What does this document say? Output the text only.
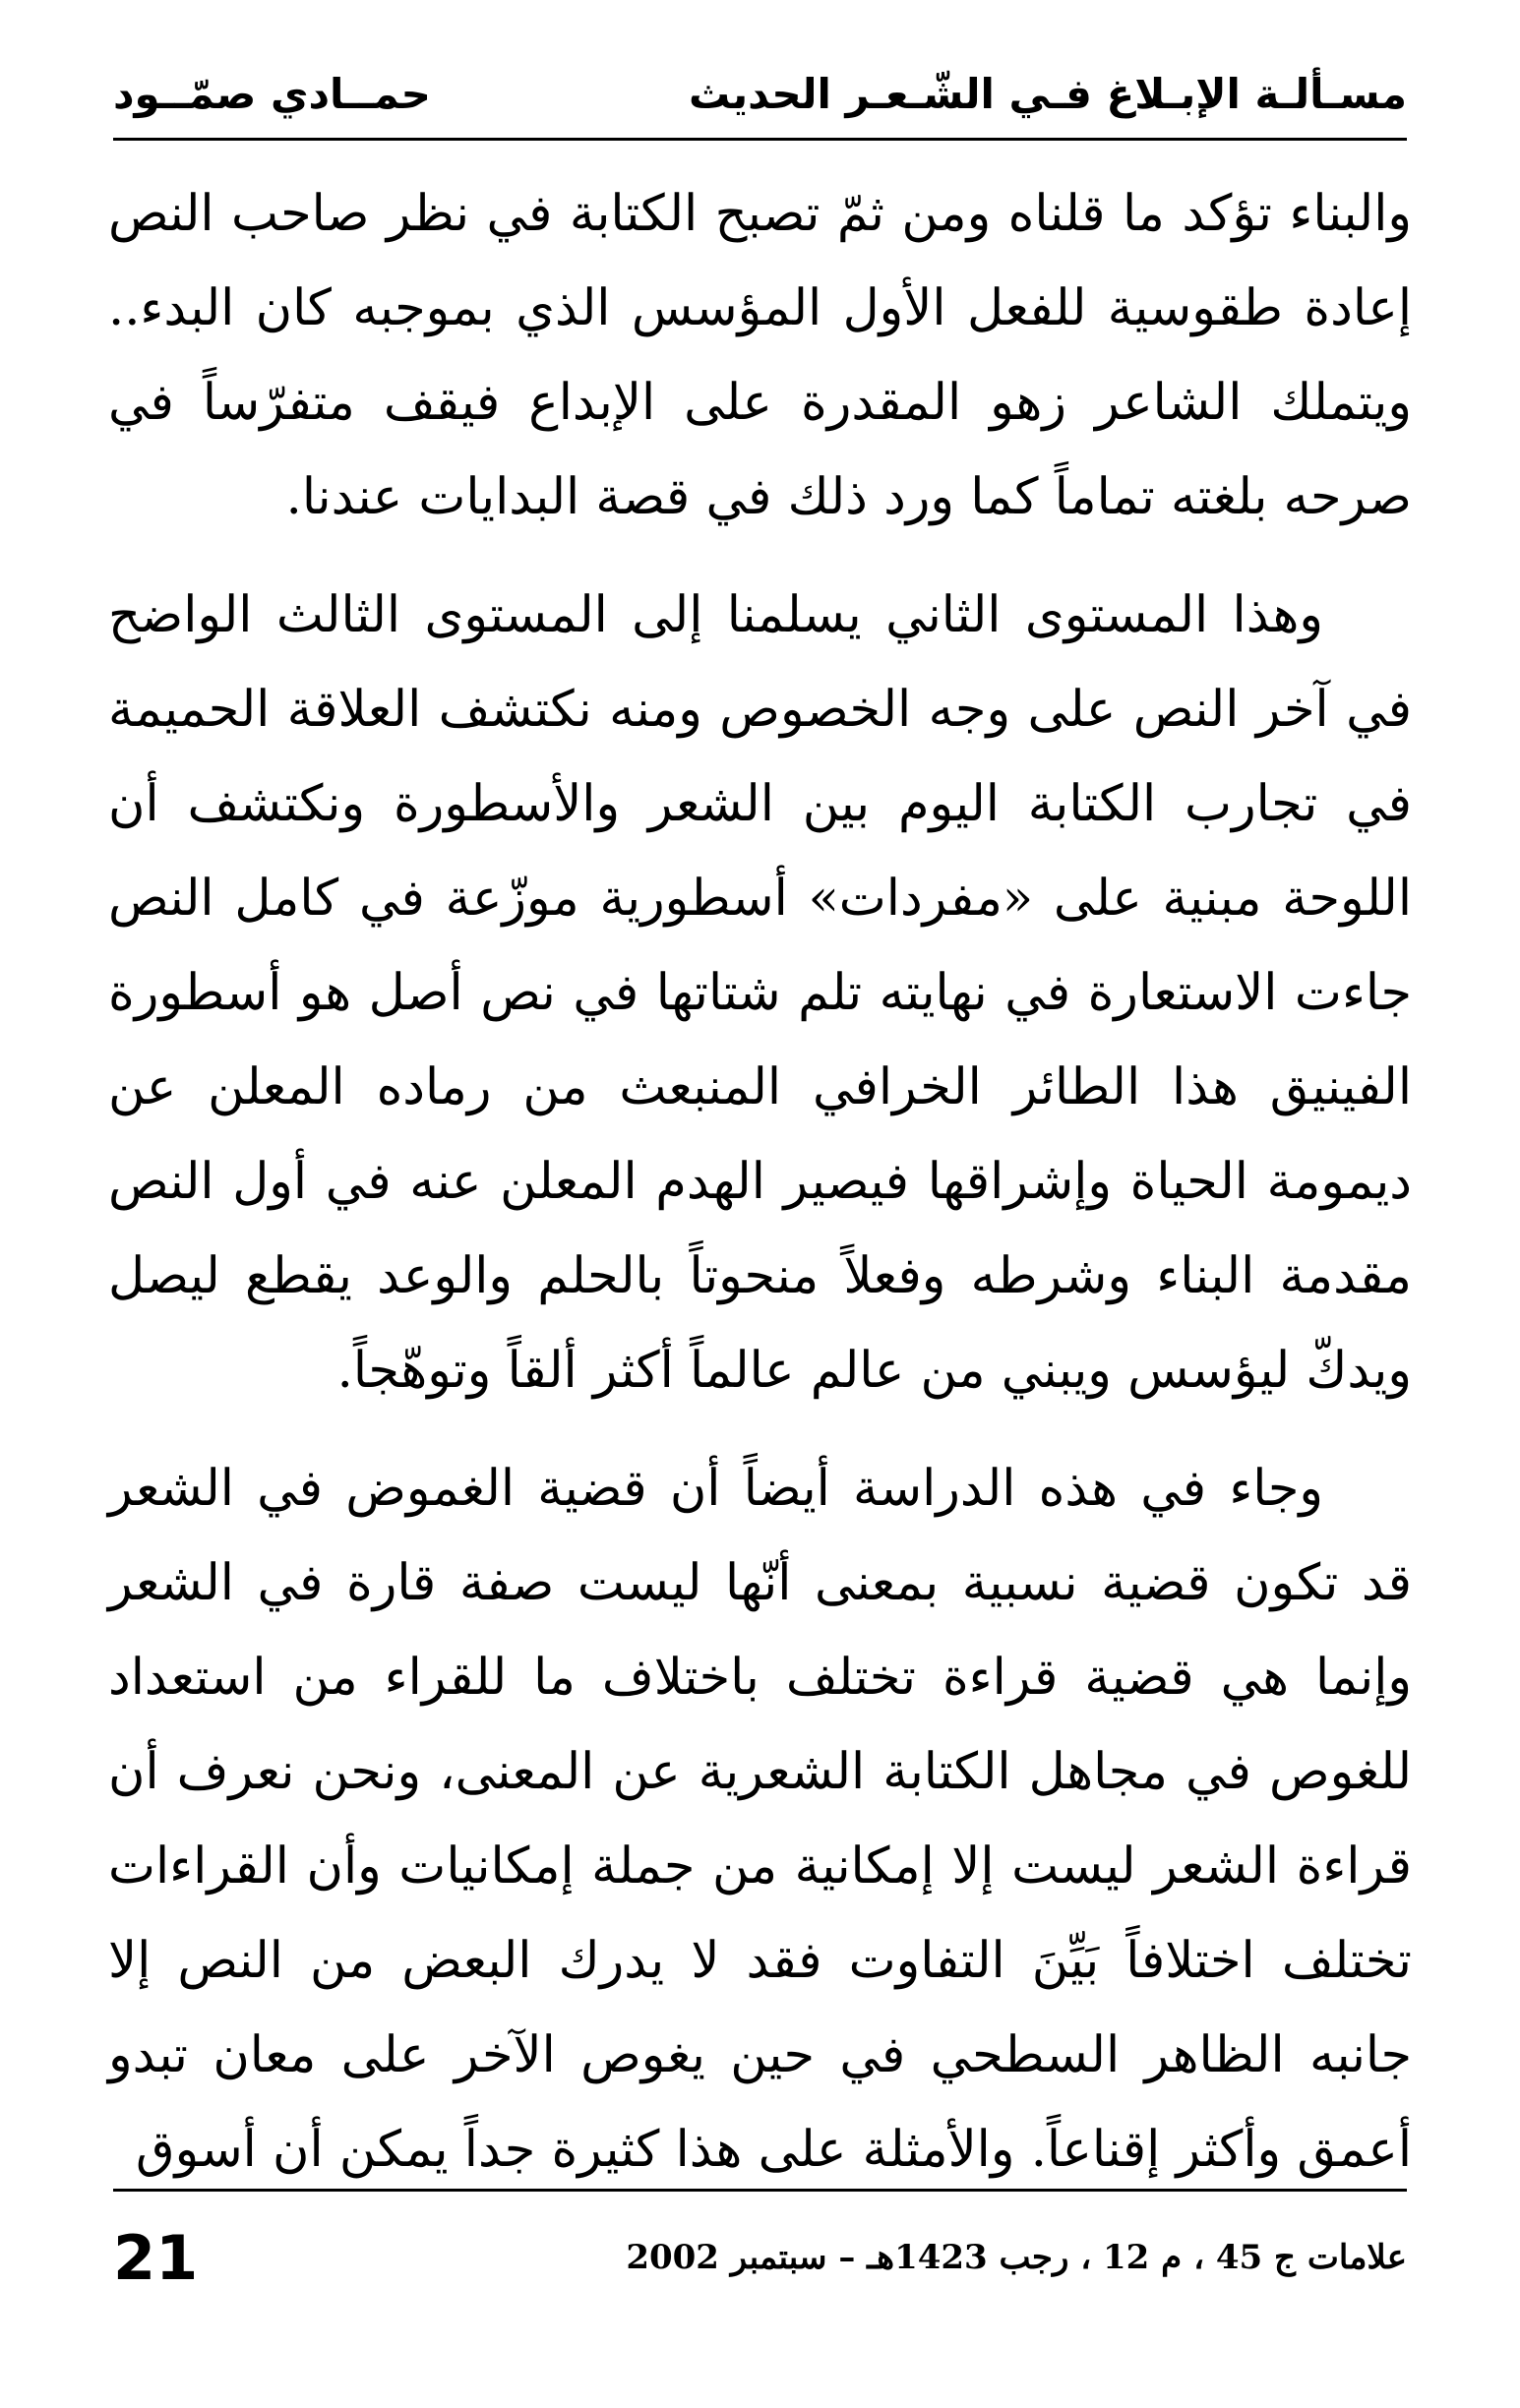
مسـألـة الإبـلاغ فـي الشّـعـر الحديث
حمــادي صمّــود

والبناء تؤكد ما قلناه ومن ثمّ تصبح الكتابة في نظر صاحب النص إعادة طقوسية للفعل الأول المؤسس الذي بموجبه كان البدء.. ويتملك الشاعر زهو المقدرة على الإبداع فيقف متفرّساً في صرحه بلغته تماماً كما ورد ذلك في قصة البدايات عندنا.

وهذا المستوى الثاني يسلمنا إلى المستوى الثالث الواضح في آخر النص على وجه الخصوص ومنه نكتشف العلاقة الحميمة في تجارب الكتابة اليوم بين الشعر والأسطورة ونكتشف أن اللوحة مبنية على «مفردات» أسطورية موزّعة في كامل النص جاءت الاستعارة في نهايته تلم شتاتها في نص أصل هو أسطورة الفينيق هذا الطائر الخرافي المنبعث من رماده المعلن عن ديمومة الحياة وإشراقها فيصير الهدم المعلن عنه في أول النص مقدمة البناء وشرطه وفعلاً منحوتاً بالحلم والوعد يقطع ليصل ويدكّ ليؤسس ويبني من عالم عالماً أكثر ألقاً وتوهّجاً.

وجاء في هذه الدراسة أيضاً أن قضية الغموض في الشعر قد تكون قضية نسبية بمعنى أنّها ليست صفة قارة في الشعر وإنما هي قضية قراءة تختلف باختلاف ما للقراء من استعداد للغوص في مجاهل الكتابة الشعرية عن المعنى، ونحن نعرف أن قراءة الشعر ليست إلا إمكانية من جملة إمكانيات وأن القراءات تختلف اختلافاً بَيِّنَ التفاوت فقد لا يدرك البعض من النص إلا جانبه الظاهر السطحي في حين يغوص الآخر على معان تبدو أعمق وأكثر إقناعاً. والأمثلة على هذا كثيرة جداً يمكن أن أسوق

علامات ج 45 ، م 12 ، رجب 1423هـ – سبتمبر 2002
21
